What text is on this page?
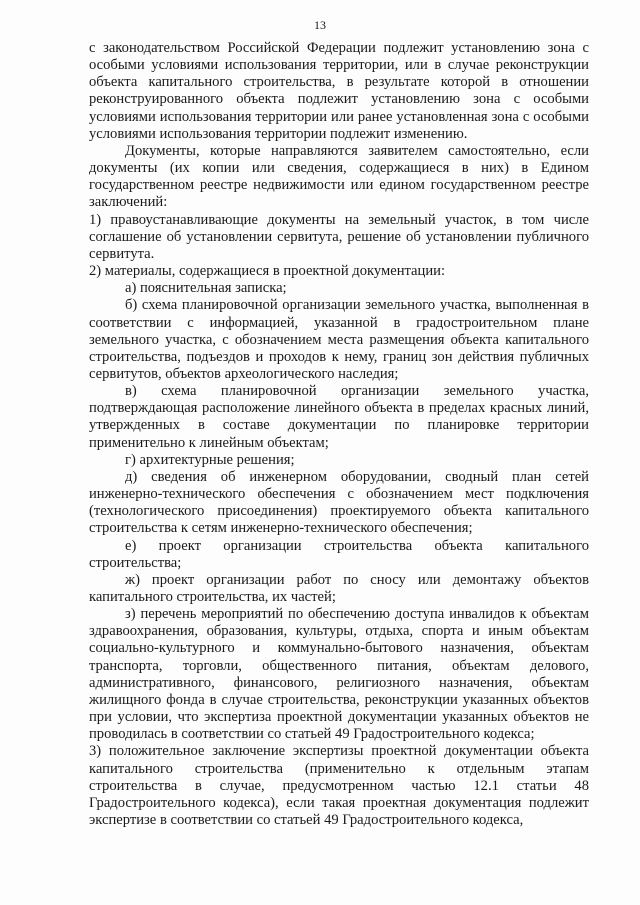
13

с законодательством Российской Федерации подлежит установлению зона с особыми условиями использования территории, или в случае реконструкции объекта капитального строительства, в результате которой в отношении реконструированного объекта подлежит установлению зона с особыми условиями использования территории или ранее установленная зона с особыми условиями использования территории подлежит изменению.

Документы, которые направляются заявителем самостоятельно, если документы (их копии или сведения, содержащиеся в них) в Едином государственном реестре недвижимости или едином государственном реестре заключений:

1) правоустанавливающие документы на земельный участок, в том числе соглашение об установлении сервитута, решение об установлении публичного сервитута.

2) материалы, содержащиеся в проектной документации:

а) пояснительная записка;

б) схема планировочной организации земельного участка, выполненная в соответствии с информацией, указанной в градостроительном плане земельного участка, с обозначением места размещения объекта капитального строительства, подъездов и проходов к нему, границ зон действия публичных сервитутов, объектов археологического наследия;

в) схема планировочной организации земельного участка, подтверждающая расположение линейного объекта в пределах красных линий, утвержденных в составе документации по планировке территории применительно к линейным объектам;

г) архитектурные решения;

д) сведения об инженерном оборудовании, сводный план сетей инженерно-технического обеспечения с обозначением мест подключения (технологического присоединения) проектируемого объекта капитального строительства к сетям инженерно-технического обеспечения;

е) проект организации строительства объекта капитального строительства;

ж) проект организации работ по сносу или демонтажу объектов капитального строительства, их частей;

з) перечень мероприятий по обеспечению доступа инвалидов к объектам здравоохранения, образования, культуры, отдыха, спорта и иным объектам социально-культурного и коммунально-бытового назначения, объектам транспорта, торговли, общественного питания, объектам делового, административного, финансового, религиозного назначения, объектам жилищного фонда в случае строительства, реконструкции указанных объектов при условии, что экспертиза проектной документации указанных объектов не проводилась в соответствии со статьей 49 Градостроительного кодекса;

3) положительное заключение экспертизы проектной документации объекта капитального строительства (применительно к отдельным этапам строительства в случае, предусмотренном частью 12.1 статьи 48 Градостроительного кодекса), если такая проектная документация подлежит экспертизе в соответствии со статьей 49 Градостроительного кодекса,
